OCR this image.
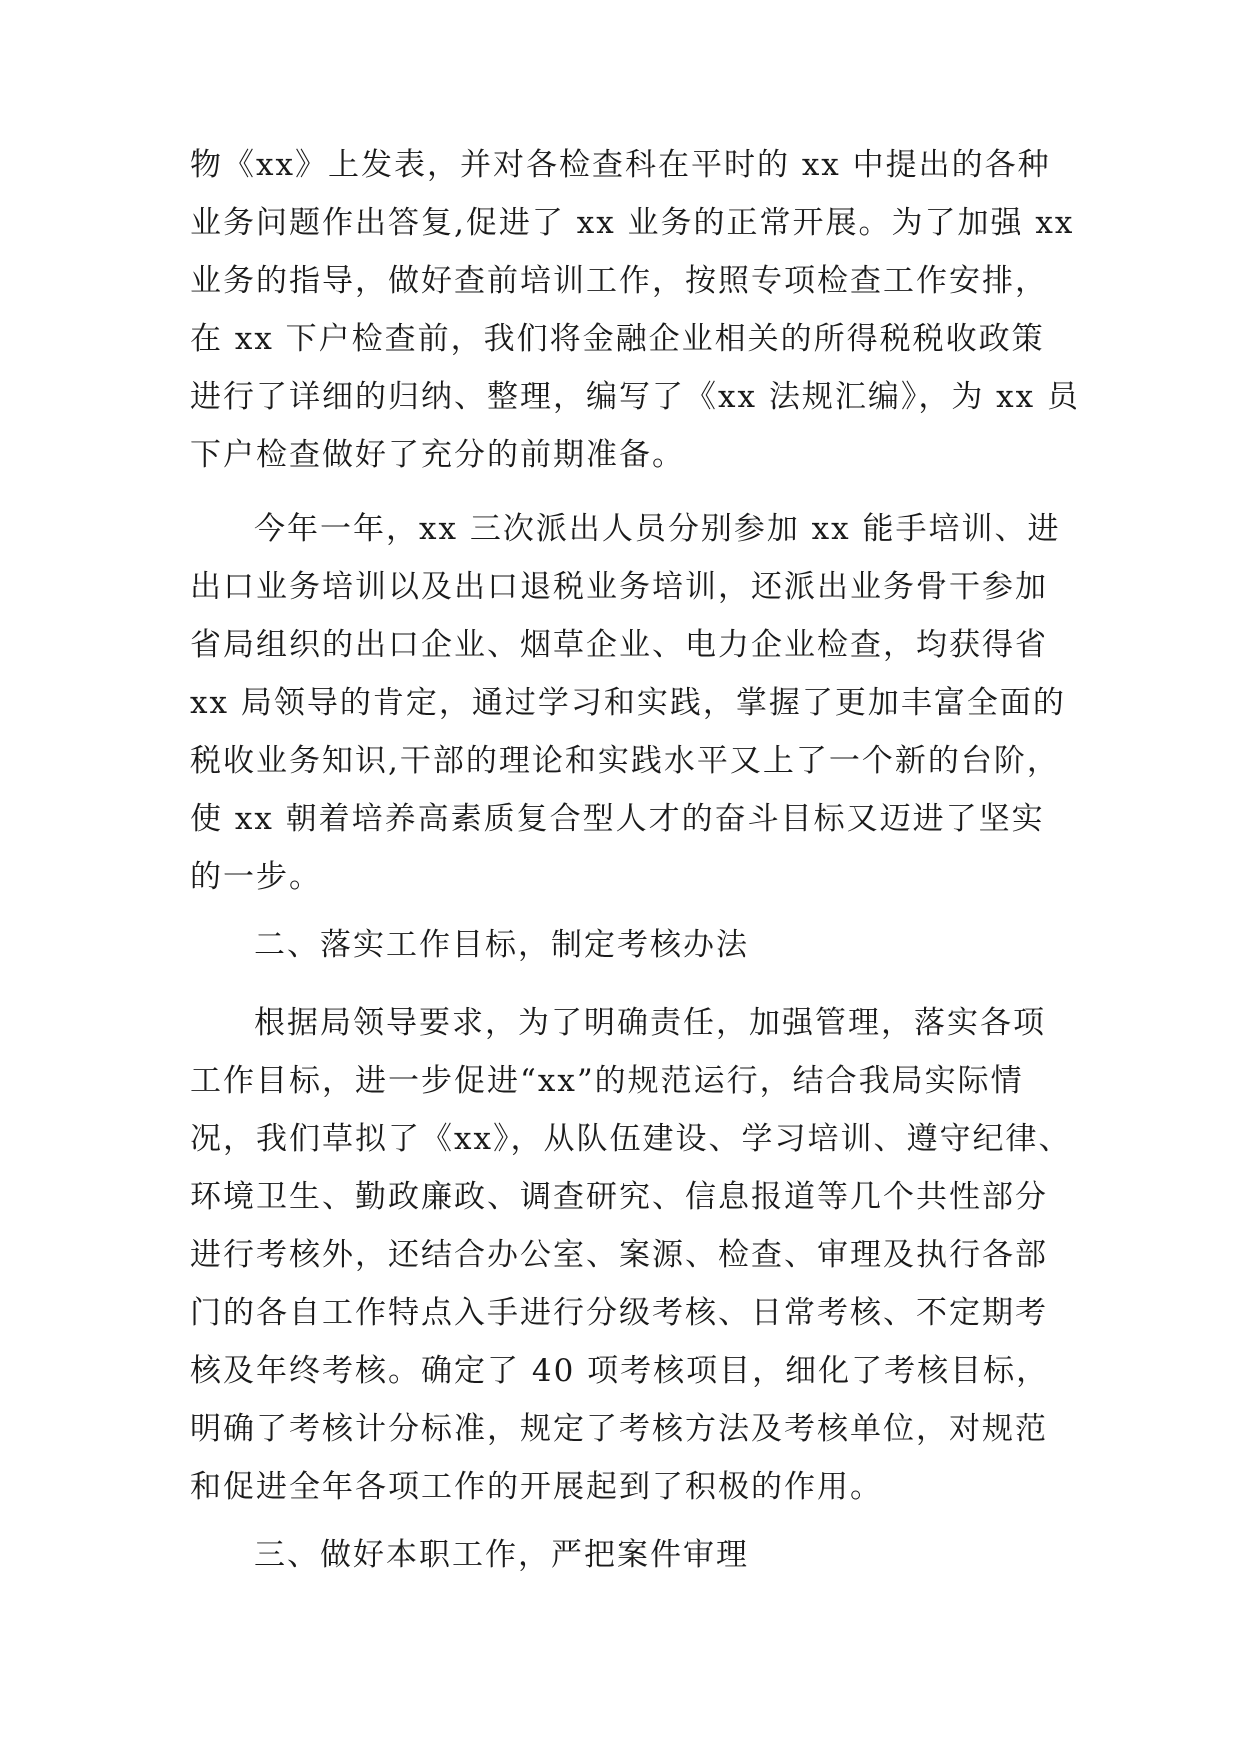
物《xx》上发表，并对各检查科在平时的 xx 中提出的各种
业务问题作出答复,促进了 xx 业务的正常开展。为了加强 xx
业务的指导，做好查前培训工作，按照专项检查工作安排，
在 xx 下户检查前，我们将金融企业相关的所得税税收政策
进行了详细的归纳、整理，编写了《xx 法规汇编》，为 xx 员
下户检查做好了充分的前期准备。
今年一年，xx 三次派出人员分别参加 xx 能手培训、进
出口业务培训以及出口退税业务培训，还派出业务骨干参加
省局组织的出口企业、烟草企业、电力企业检查，均获得省
xx 局领导的肯定，通过学习和实践，掌握了更加丰富全面的
税收业务知识,干部的理论和实践水平又上了一个新的台阶，
使 xx 朝着培养高素质复合型人才的奋斗目标又迈进了坚实
的一步。
二、落实工作目标，制定考核办法
根据局领导要求，为了明确责任，加强管理，落实各项
工作目标，进一步促进“xx”的规范运行，结合我局实际情
况，我们草拟了《xx》，从队伍建设、学习培训、遵守纪律、
环境卫生、勤政廉政、调查研究、信息报道等几个共性部分
进行考核外，还结合办公室、案源、检查、审理及执行各部
门的各自工作特点入手进行分级考核、日常考核、不定期考
核及年终考核。确定了 40 项考核项目，细化了考核目标，
明确了考核计分标准，规定了考核方法及考核单位，对规范
和促进全年各项工作的开展起到了积极的作用。
三、做好本职工作，严把案件审理
